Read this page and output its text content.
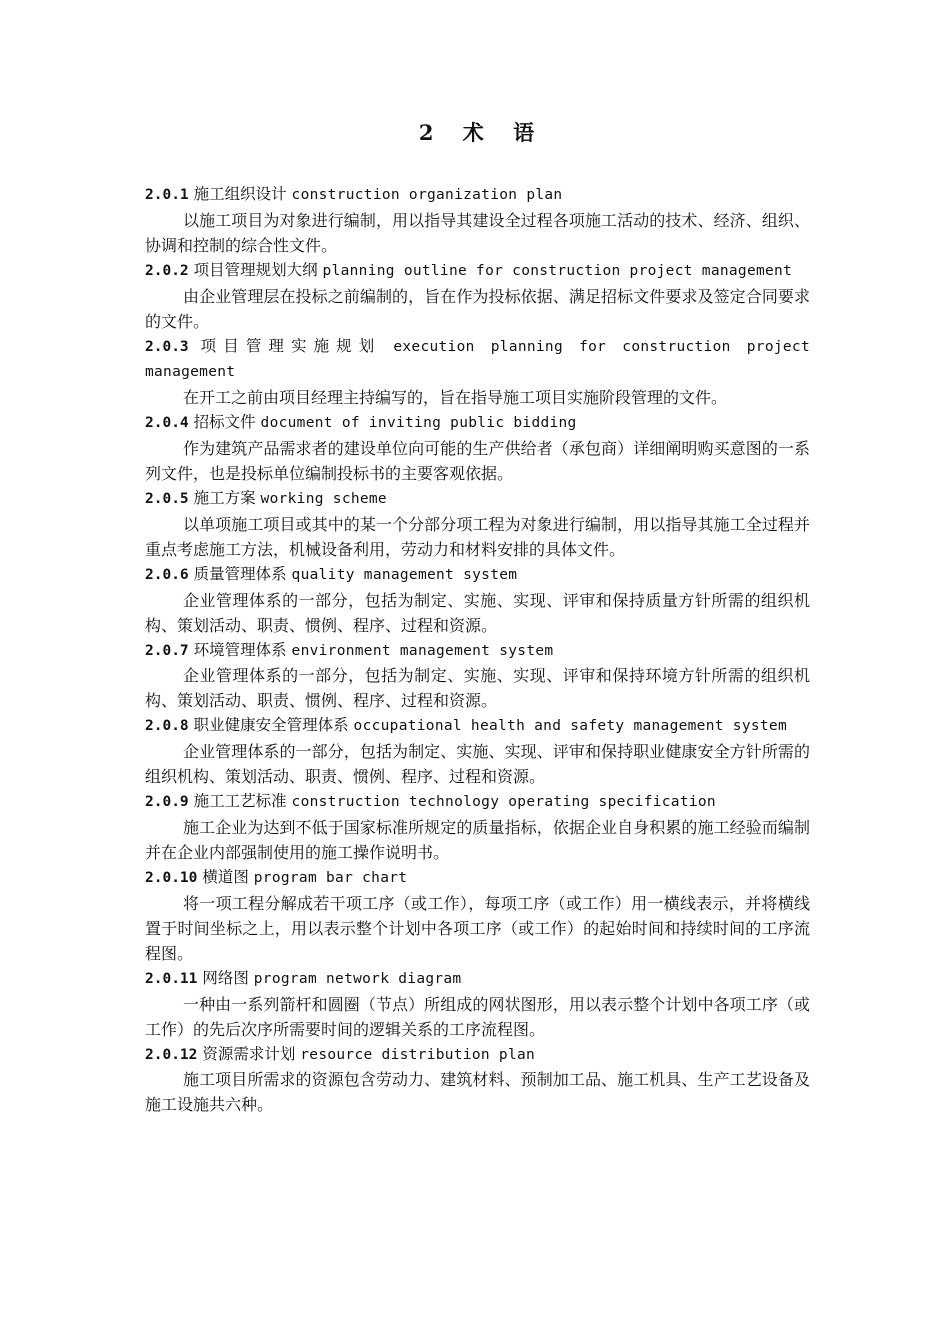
2 术 语

2.0.1 施工组织设计 construction organization plan

以施工项目为对象进行编制，用以指导其建设全过程各项施工活动的技术、经济、组织、协调和控制的综合性文件。

2.0.2 项目管理规划大纲 planning outline for construction project management

由企业管理层在投标之前编制的，旨在作为投标依据、满足招标文件要求及签定合同要求的文件。

2.0.3 项目管理实施规划 execution planning for construction project management

在开工之前由项目经理主持编写的，旨在指导施工项目实施阶段管理的文件。

2.0.4 招标文件 document of inviting public bidding

作为建筑产品需求者的建设单位向可能的生产供给者（承包商）详细阐明购买意图的一系列文件，也是投标单位编制投标书的主要客观依据。

2.0.5 施工方案 working scheme

以单项施工项目或其中的某一个分部分项工程为对象进行编制，用以指导其施工全过程并重点考虑施工方法，机械设备利用，劳动力和材料安排的具体文件。

2.0.6 质量管理体系 quality management system

企业管理体系的一部分，包括为制定、实施、实现、评审和保持质量方针所需的组织机构、策划活动、职责、惯例、程序、过程和资源。

2.0.7 环境管理体系 environment management system

企业管理体系的一部分，包括为制定、实施、实现、评审和保持环境方针所需的组织机构、策划活动、职责、惯例、程序、过程和资源。

2.0.8 职业健康安全管理体系 occupational health and safety management system

企业管理体系的一部分，包括为制定、实施、实现、评审和保持职业健康安全方针所需的组织机构、策划活动、职责、惯例、程序、过程和资源。

2.0.9 施工工艺标准 construction technology operating specification

施工企业为达到不低于国家标准所规定的质量指标，依据企业自身积累的施工经验而编制并在企业内部强制使用的施工操作说明书。

2.0.10 横道图 program bar chart

将一项工程分解成若干项工序（或工作），每项工序（或工作）用一横线表示，并将横线置于时间坐标之上，用以表示整个计划中各项工序（或工作）的起始时间和持续时间的工序流程图。

2.0.11 网络图 program network diagram

一种由一系列箭杆和圆圈（节点）所组成的网状图形，用以表示整个计划中各项工序（或工作）的先后次序所需要时间的逻辑关系的工序流程图。

2.0.12 资源需求计划 resource distribution plan

施工项目所需求的资源包含劳动力、建筑材料、预制加工品、施工机具、生产工艺设备及施工设施共六种。
